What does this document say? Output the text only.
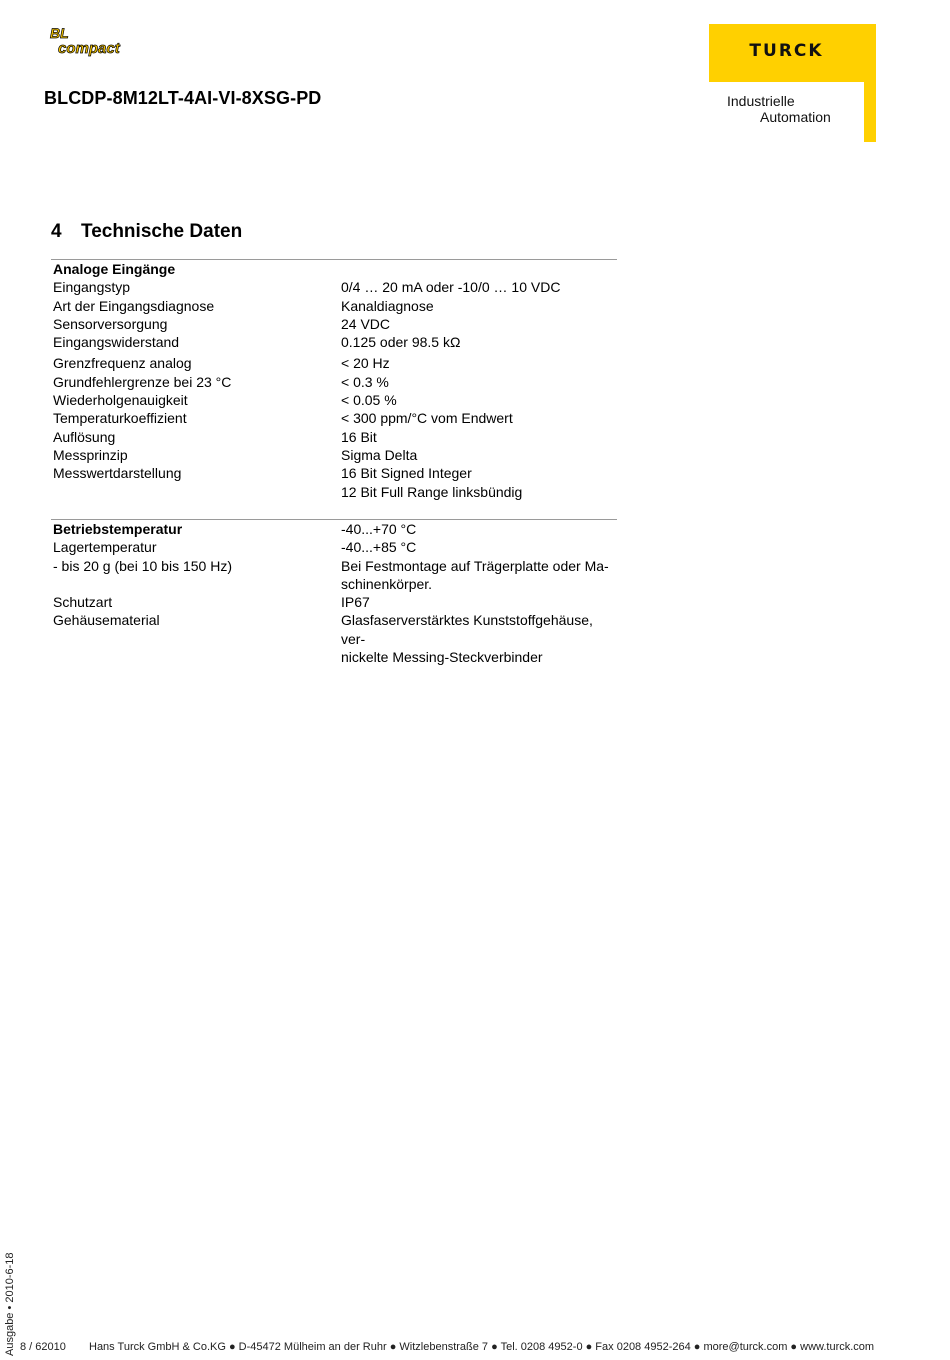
BL
compact
BLCDP-8M12LT-4AI-VI-8XSG-PD
TURCK
Industrielle
Automation
4 Technische Daten
Analoge Eingänge
Eingangstyp	0/4 … 20 mA oder -10/0 … 10 VDC
Art der Eingangsdiagnose	Kanaldiagnose
Sensorversorgung	24 VDC
Eingangswiderstand	0.125 oder 98.5 kΩ
Grenzfrequenz analog	< 20 Hz
Grundfehlergrenze bei 23 °C	< 0.3 %
Wiederholgenauigkeit	< 0.05 %
Temperaturkoeffizient	< 300 ppm/°C vom Endwert
Auflösung	16 Bit
Messprinzip	Sigma Delta
Messwertdarstellung	16 Bit Signed Integer
12 Bit Full Range linksbündig
Betriebstemperatur	-40...+70 °C
Lagertemperatur	-40...+85 °C
- bis 20 g (bei 10 bis 150 Hz)	Bei Festmontage auf Trägerplatte oder Ma-
schinenkörper.
Schutzart	IP67
Gehäusematerial	Glasfaserverstärktes Kunststoffgehäuse, ver-
nickelte Messing-Steckverbinder
Ausgabe • 2010-6-18 8 / 62010 Hans Turck GmbH & Co.KG ● D-45472 Mülheim an der Ruhr ● Witzlebenstraße 7 ● Tel. 0208 4952-0 ● Fax 0208 4952-264 ● more@turck.com ● www.turck.com
